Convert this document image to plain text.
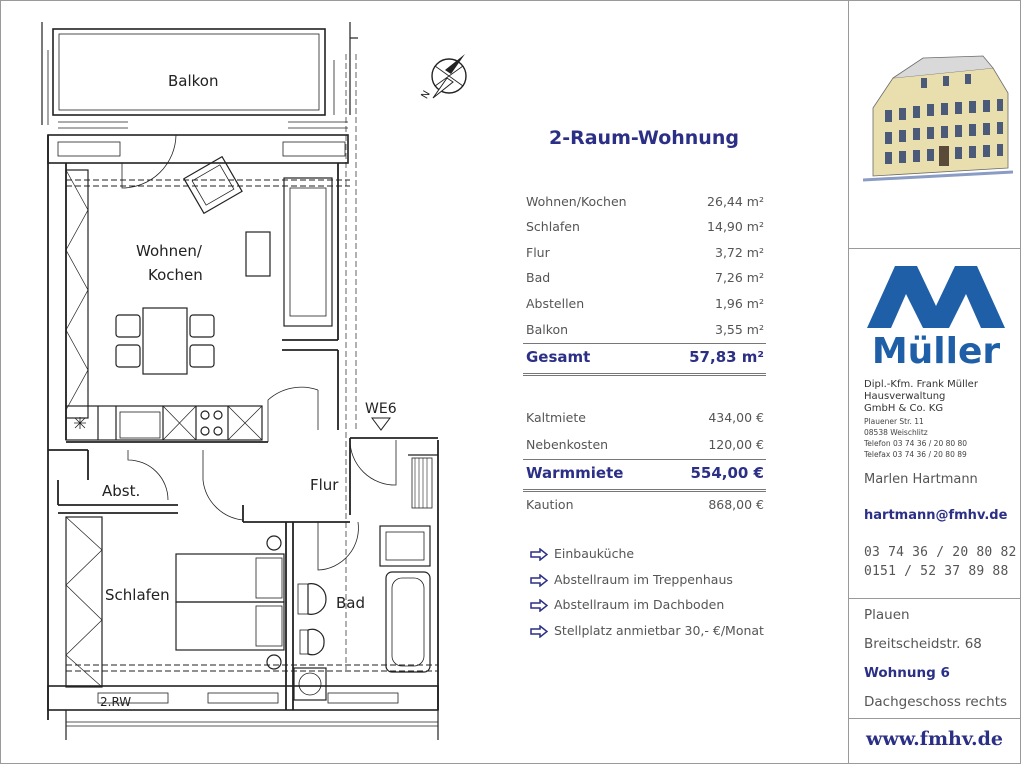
Balkon
Wohnen/
Kochen
Abst.	Flur
Schlafen	Bad
WE6
2.RW
N
2-Raum-Wohnung
Wohnen/Kochen	26,44 m²
Schlafen	14,90 m²
Flur	3,72 m²
Bad	7,26 m²
Abstellen	1,96 m²
Balkon	3,55 m²
Gesamt	57,83 m²
Kaltmiete	434,00 €
Nebenkosten	120,00 €
Warmmiete	554,00 €
Kaution	868,00 €
Einbauküche
Abstellraum im Treppenhaus
Abstellraum im Dachboden
Stellplatz anmietbar 30,- €/Monat
Müller
Dipl.-Kfm. Frank Müller
Hausverwaltung
GmbH & Co. KG
Plauener Str. 11
08538 Weischlitz
Telefon 03 74 36 / 20 80 80
Telefax 03 74 36 / 20 80 89
Marlen Hartmann
hartmann@fmhv.de
03 74 36 / 20 80 82
0151 / 52 37 89 88
Plauen
Breitscheidstr. 68
Wohnung 6
Dachgeschoss rechts
www.fmhv.de
